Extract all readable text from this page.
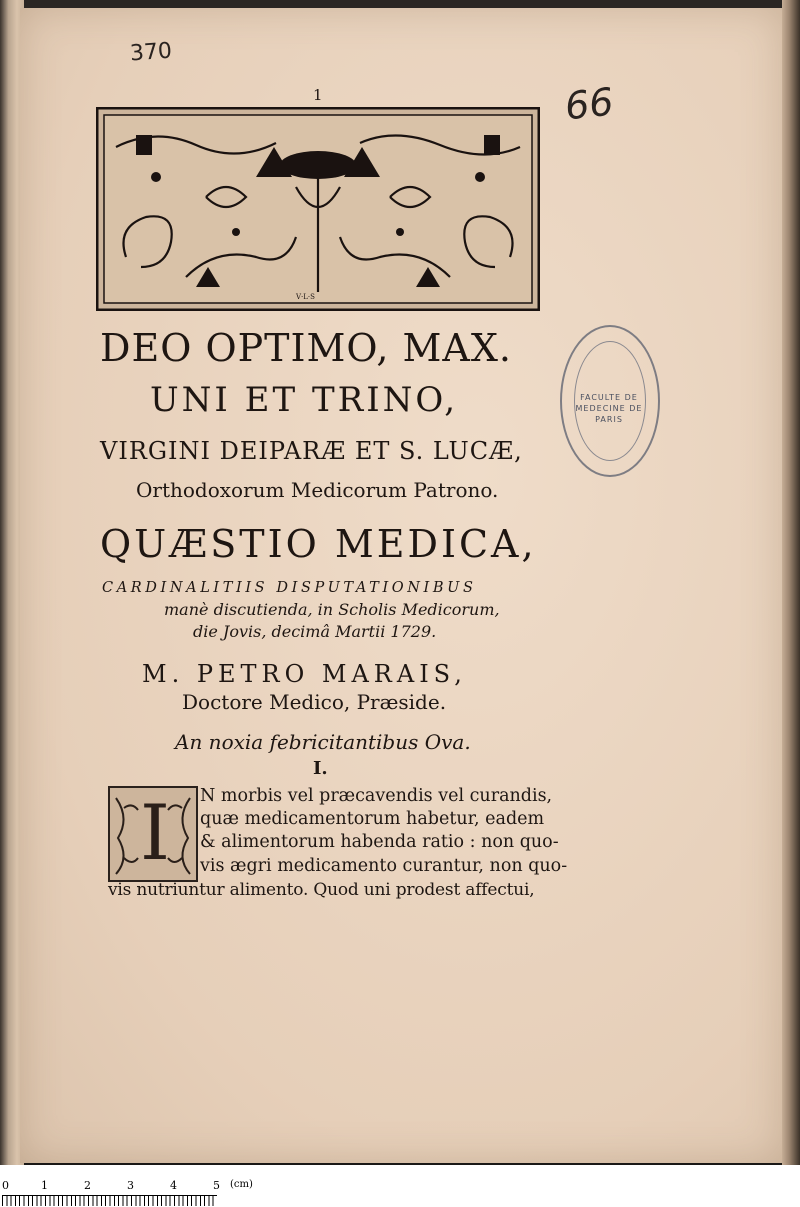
370
66
1
V·L·S
FACULTE DE MEDECINE DE PARIS
DEO OPTIMO, MAX.
UNI ET TRINO,
VIRGINI DEIPARÆ ET S. LUCÆ,
Orthodoxorum Medicorum Patrono.
QUÆSTIO MEDICA,
CARDINALITIIS DISPUTATIONIBUS
manè discutienda, in Scholis Medicorum,
die Jovis, decimâ Martii 1729.
M. PETRO MARAIS,
Doctore Medico, Præside.
An noxia febricitantibus Ova.
I.
I N morbis vel præcavendis vel curandis,
quæ medicamentorum habetur, eadem
& alimentorum habenda ratio : non quo-
vis ægri medicamento curantur, non quo-
vis nutriuntur alimento. Quod uni prodest affectui,
0	1	2	3	4	5 (cm)
